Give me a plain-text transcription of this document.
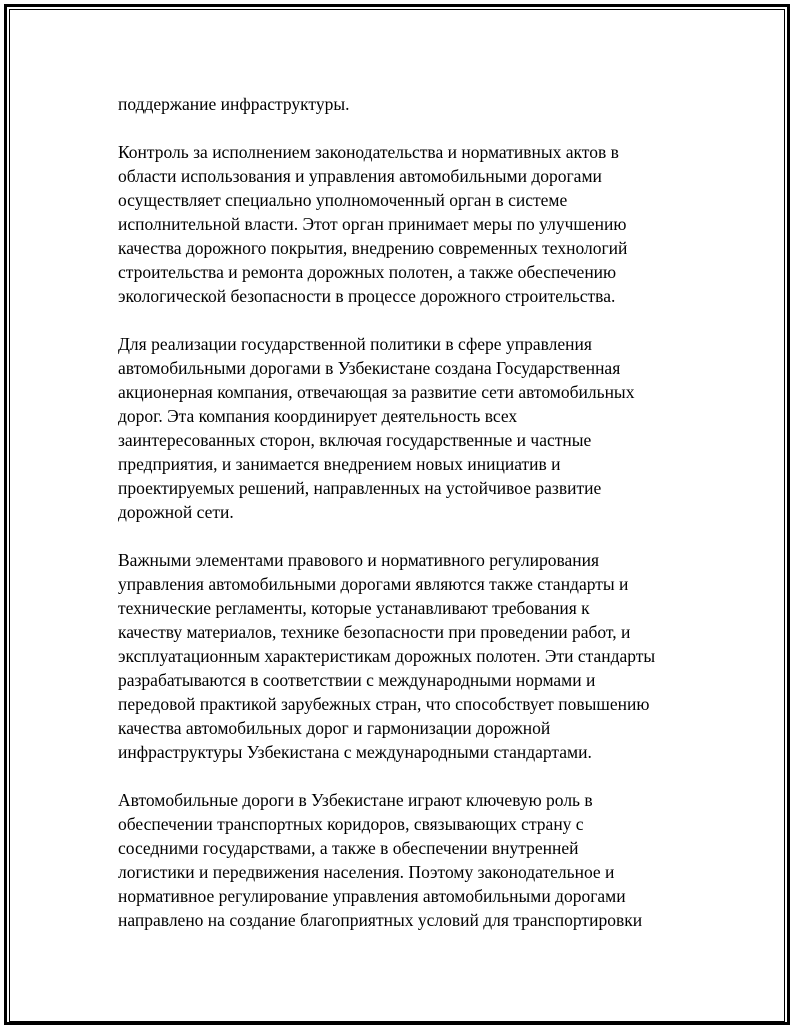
поддержание инфраструктуры.
Контроль за исполнением законодательства и нормативных актов в
области использования и управления автомобильными дорогами
осуществляет специально уполномоченный орган в системе
исполнительной власти. Этот орган принимает меры по улучшению
качества дорожного покрытия, внедрению современных технологий
строительства и ремонта дорожных полотен, а также обеспечению
экологической безопасности в процессе дорожного строительства.
Для реализации государственной политики в сфере управления
автомобильными дорогами в Узбекистане создана Государственная
акционерная компания, отвечающая за развитие сети автомобильных
дорог. Эта компания координирует деятельность всех
заинтересованных сторон, включая государственные и частные
предприятия, и занимается внедрением новых инициатив и
проектируемых решений, направленных на устойчивое развитие
дорожной сети.
Важными элементами правового и нормативного регулирования
управления автомобильными дорогами являются также стандарты и
технические регламенты, которые устанавливают требования к
качеству материалов, технике безопасности при проведении работ, и
эксплуатационным характеристикам дорожных полотен. Эти стандарты
разрабатываются в соответствии с международными нормами и
передовой практикой зарубежных стран, что способствует повышению
качества автомобильных дорог и гармонизации дорожной
инфраструктуры Узбекистана с международными стандартами.
Автомобильные дороги в Узбекистане играют ключевую роль в
обеспечении транспортных коридоров, связывающих страну с
соседними государствами, а также в обеспечении внутренней
логистики и передвижения населения. Поэтому законодательное и
нормативное регулирование управления автомобильными дорогами
направлено на создание благоприятных условий для транспортировки
